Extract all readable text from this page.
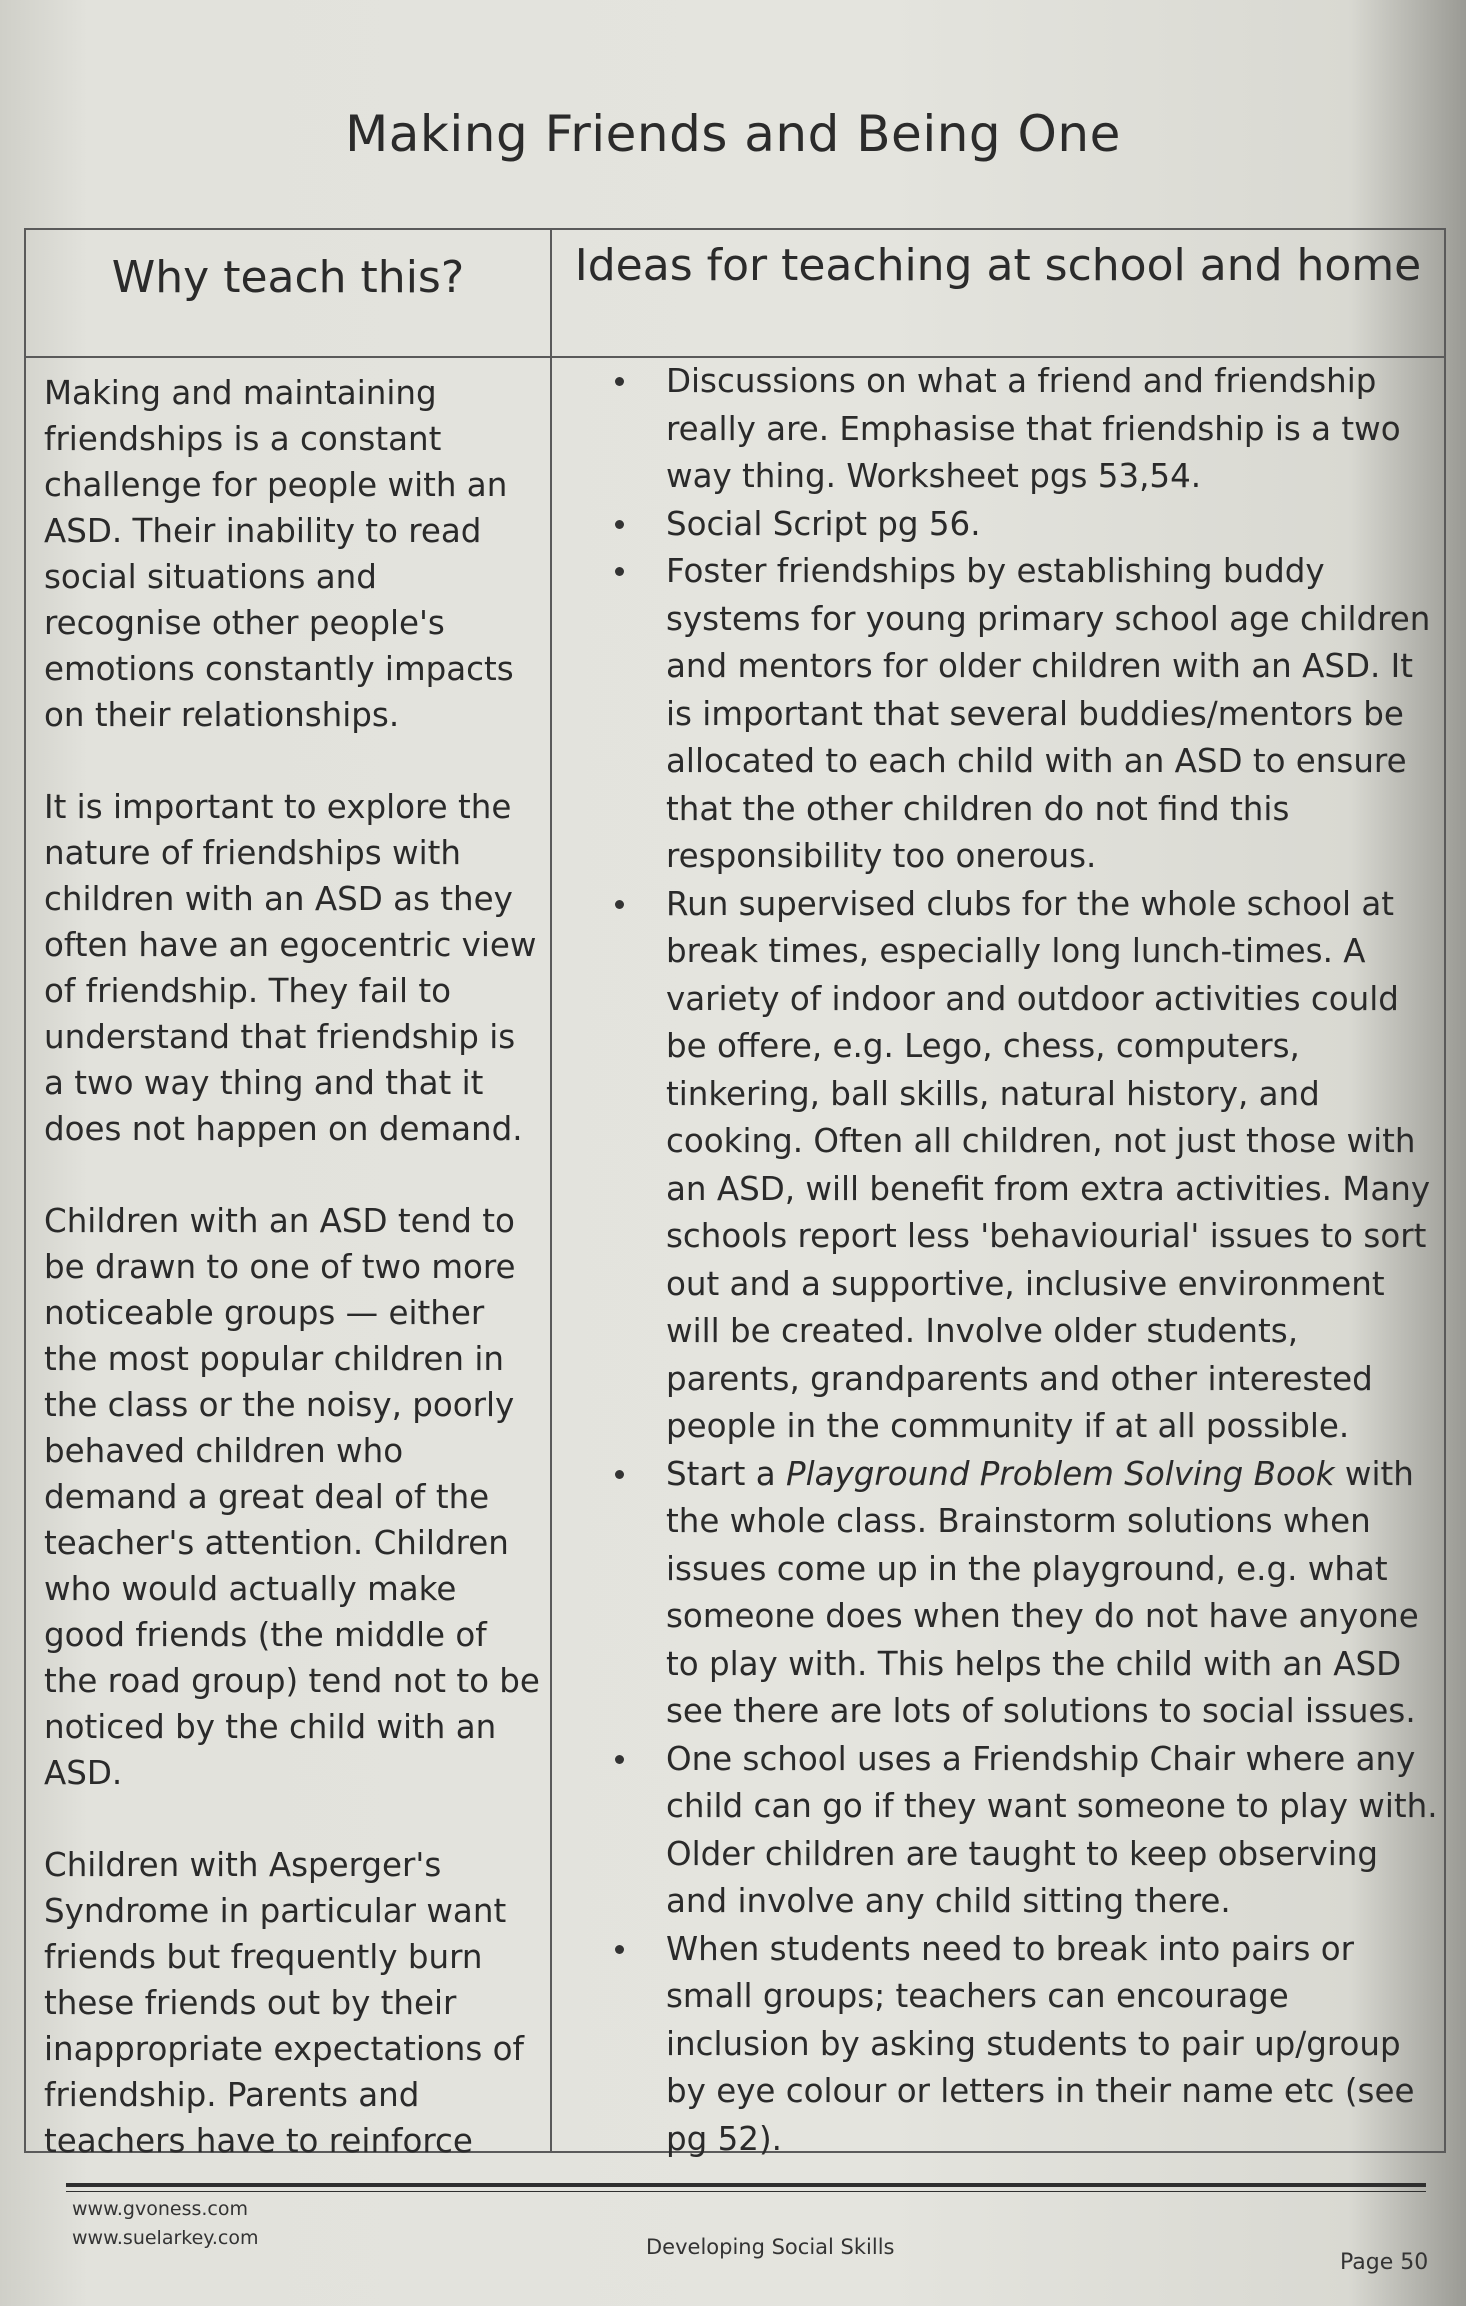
Making Friends and Being One
Why teach this?	Ideas for teaching at school and home

Making and maintaining friendships is a constant challenge for people with an ASD. Their inability to read social situations and recognise other people's emotions constantly impacts on their relationships.

It is important to explore the nature of friendships with children with an ASD as they often have an egocentric view of friendship. They fail to understand that friendship is a two way thing and that it does not happen on demand.

Children with an ASD tend to be drawn to one of two more noticeable groups — either the most popular children in the class or the noisy, poorly behaved children who demand a great deal of the teacher's attention. Children who would actually make good friends (the middle of the road group) tend not to be noticed by the child with an ASD.

Children with Asperger's Syndrome in particular want friends but frequently burn these friends out by their inappropriate expectations of friendship. Parents and teachers have to reinforce

Discussions on what a friend and friendship really are. Emphasise that friendship is a two way thing. Worksheet pgs 53,54.
Social Script pg 56.
Foster friendships by establishing buddy systems for young primary school age children and mentors for older children with an ASD. It is important that several buddies/mentors be allocated to each child with an ASD to ensure that the other children do not find this responsibility too onerous.
Run supervised clubs for the whole school at break times, especially long lunch-times. A variety of indoor and outdoor activities could be offere, e.g. Lego, chess, computers, tinkering, ball skills, natural history, and cooking. Often all children, not just those with an ASD, will benefit from extra activities. Many schools report less 'behaviourial' issues to sort out and a supportive, inclusive environment will be created. Involve older students, parents, grandparents and other interested people in the community if at all possible.
Start a Playground Problem Solving Book with the whole class. Brainstorm solutions when issues come up in the playground, e.g. what someone does when they do not have anyone to play with. This helps the child with an ASD see there are lots of solutions to social issues.
One school uses a Friendship Chair where any child can go if they want someone to play with. Older children are taught to keep observing and involve any child sitting there.
When students need to break into pairs or small groups; teachers can encourage inclusion by asking students to pair up/group by eye colour or letters in their name etc (see pg 52).
www.gvoness.com
www.suelarkey.com	Developing Social Skills
Page 50
